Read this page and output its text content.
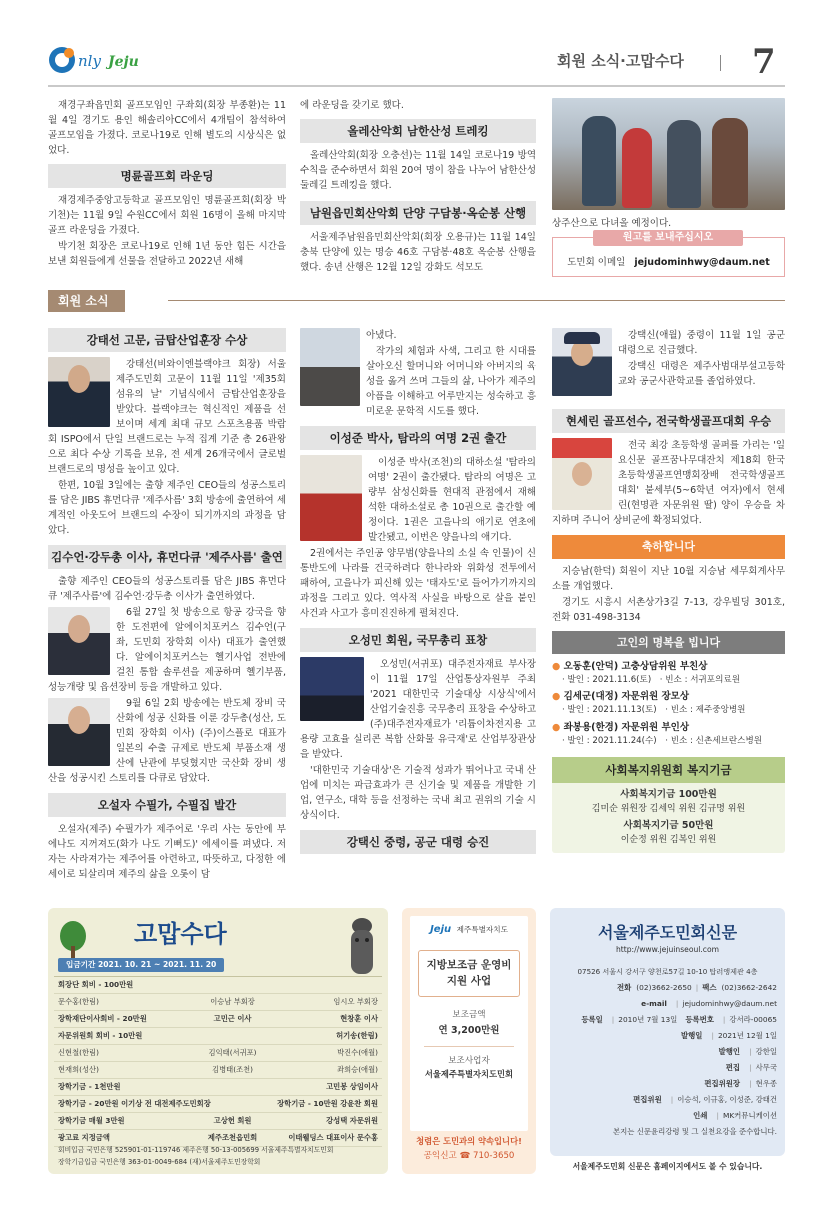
nly Jeju	회원 소식·고맙수다 7

재경구좌읍민회 골프모임인 구좌회(회장 부종환)는 11월 4일 경기도 용인 해솔리아CC에서 4개팀이 참석하여 골프모임을 가졌다. 코로나19로 인해 별도의 시상식은 없었다.

명륜골프회 라운딩

재경제주중앙고등학교 골프모임인 명륜골프회(회장 박기천)는 11월 9일 수원CC에서 회원 16명이 올해 마지막 골프 라운딩을 가졌다.

박기천 회장은 코로나19로 인해 1년 동안 힘든 시간을 보낸 회원들에게 선물을 전달하고 2022년 새해

에 라운딩을 갖기로 했다.

올레산악회 남한산성 트레킹

올레산악회(회장 오충선)는 11월 14일 코로나19 방역수칙을 준수하면서 회원 20여 명이 참을 나누어 남한산성 둘레길 트레킹을 했다.

남원읍민회산악회 단양 구담봉·옥순봉 산행

서울제주남원읍민회산악회(회장 오용규)는 11월 14일 충북 단양에 있는 명승 46호 구담봉·48호 옥순봉 산행을 했다. 송년 산행은 12월 12일 강화도 석모도

상주산으로 다녀올 예정이다.

원고를 보내주십시오
도민회 이메일 jejudominhwy@daum.net
회원 소식
강태선 고문, 금탑산업훈장 수상

강태선(비와이엔블랙야크 회장) 서울제주도민회 고문이 11월 11일 '제35회 섬유의 날' 기념식에서 금탑산업훈장을 받았다. 블랙야크는 혁신적인 제품을 선보이며 세계 최대 규모 스포츠용품 박람회 ISPO에서 단일 브랜드로는 누적 집계 기준 총 26관왕으로 최다 수상 기록을 보유, 전 세계 26개국에서 글로벌 브랜드로의 명성을 높이고 있다.

한편, 10월 3일에는 출향 제주인 CEO들의 성공스토리를 담은 JIBS 휴먼다큐 '제주사름' 3회 방송에 출연하여 세계적인 아웃도어 브랜드의 수장이 되기까지의 과정을 담았다.

김수언·강두총 이사, 휴먼다큐 '제주사름' 출연

출향 제주인 CEO들의 성공스토리를 담은 JIBS 휴먼다큐 '제주사름'에 김수언·강두총 이사가 출연하였다.

6월 27일 첫 방송으로 항공 강국을 향한 도전편에 알에이치포커스 김수언(구좌, 도민회 장학회 이사) 대표가 출연했다. 알에이치포커스는 헬기사업 전반에 걸친 통합 솔루션을 제공하며 헬기부품, 성능개량 및 읍션장비 등을 개발하고 있다.

9월 6일 2회 방송에는 반도체 장비 국산화에 성공 신화를 이룬 강두총(성산, 도민회 장학회 이사) (주)이스플로 대표가 일본의 수출 규제로 반도체 부품소재 생산에 난관에 부딪혔지만 국산화 장비 생산을 성공시킨 스토리를 다큐로 담았다.

오설자 수필가, 수필집 발간

오설자(제주) 수필가가 제주어로 '우리 사는 동안에 부에나도 지꺼져도(화가 나도 기뻐도)' 에세이를 펴냈다. 저자는 사라져가는 제주어를 아련하고, 따뜻하고, 다정한 에세이로 되살리며 제주의 삶을 오롯이 담

아냈다.

작가의 체험과 사색, 그리고 한 시대를 살아오신 할머니와 어머니와 아버지의 육성을 옮겨 쓰며 그들의 삶, 나아가 제주의 아픔을 이해하고 어루만지는 성숙하고 흥미로운 문학적 시도를 했다.

이성준 박사, 탐라의 여명 2권 출간

이성준 박사(조천)의 대하소설 '탐라의 여명' 2권이 출간됐다. 탐라의 여명은 고량부 삼성신화를 현대적 관점에서 재해석한 대하소설로 총 10권으로 출간할 예정이다. 1권은 고을나의 애기로 연초에 발간됐고, 이번은 양을나의 애기다.

2권에서는 주인공 양무범(양을나의 소실 속 인물)이 신통반도에 나라를 건국하려다 한나라와 위화성 전투에서 패하여, 고을나가 피신해 있는 '태자도'로 들어가기까지의 과정을 그리고 있다. 역사적 사실을 바탕으로 살을 붙인 사건과 사고가 흥미진진하게 펼쳐진다.

오성민 회원, 국무총리 표창

오성민(서귀포) 대주전자재료 부사장이 11월 17일 산업통상자원부 주최 '2021 대한민국 기술대상 시상식'에서 산업기술진흥 국무총리 표창을 수상하고 (주)대주전자재료가 '리튬이차전지용 고용량 고효율 실리콘 복합 산화물 유극재'로 산업부장관상을 받았다.

'대한민국 기술대상'은 기술적 성과가 뛰어나고 국내 산업에 미치는 파급효과가 큰 신기술 및 제품을 개발한 기업, 연구소, 대학 등을 선정하는 국내 최고 권위의 기술 시상식이다.

강택신 중령, 공군 대령 승진

강택신(애월) 중령이 11월 1일 공군 대령으로 진급했다.

강택신 대령은 제주사범대부설고등학교와 공군사관학교를 졸업하였다.

현세린 골프선수, 전국학생골프대회 우승

전국 최강 초등학생 골퍼를 가리는 '일요신문 골프꿈나무대잔치 제18회 한국초등학생골프연맹회장배 전국학생골프대회' 붙세부(5~6학년 여자)에서 현세린(현명관 자문위원 딸) 양이 우승을 차지하며 주니어 상비군에 확정되었다.

축하합니다

지승남(한덕) 회원이 지난 10월 지승남 세무회계사무소를 개업했다.

경기도 시흥시 서촌상가3길 7-13, 강우빌딩 301호, 전화 031-498-3134

고인의 명복을 빕니다
● 오동훈(안덕) 고충상담위원 부친상
· 발인 : 2021.11.6(토)　 · 빈소 : 서귀포의료원
● 김세군(대정) 자문위원 장모상
· 발인 : 2021.11.13(토)　 · 빈소 : 제주중앙병원
● 좌봉용(한경) 자문위원 부인상
· 발인 : 2021.11.24(수)　 · 빈소 : 신촌세브란스병원
사회복지위원회 복지기금
사회복지기금 100만원
김미순 위원장 김세익 위원 김규명 위원
사회복지기금 50만원
이순정 위원 김복인 위원
고맙수다
입금기간 2021. 10. 21 ~ 2021. 11. 20
회장단 회비 - 100만원
문수홍(한림)	이승남 부회장	임시오 부회장
장학재단이사회비 - 20만원	고민근 이사	현창훈 이사
자문위원회 회비 - 10만원	허기송(한림)
신현철(한림)	김익태(서귀포)	박진수(애월)
현재희(성산)	김병태(조천)	좌희승(애월)
장학기금 - 1천만원	고민봉 상임이사
장학기금 - 20만원 이기상 전 대전제주도민회장	장학기금 - 10만원 강윤찬 회원
장학기금 매월 3만원	고상헌 회원	강성택 자문위원
광고료 지정금액	제주조천읍민회	이태웰딩스 대표이사 문수홍
회비입금 국민은행 525901-01-119746 제주은행 50-13-005699 서울제주특별자치도민회
장학기금입금 국민은행 363-01-0049-684 (재)서울제주도민장학회
Jeju 제주특별자치도
지방보조금 운영비
지원 사업
보조금액
연 3,200만원
보조사업자
서울제주특별자치도민회
청렴은 도민과의 약속입니다!
공익신고 ☎ 710-3650
서울제주도민회신문
http://www.jejuinseoul.com
07526 서울시 강서구 양천로57길 10-10 탑러앵제관 4층
전화 (02)3662-2650 | 팩스 (02)3662-2642
e-mail | jejudominhwy@daum.net
등록일 | 2010년 7월 13일 등록번호 | 강서라-00065
발행일 | 2021년 12월 1일
발행인 | 강한일
편집 | 사무국
편집위원장 | 현우종
편집위원 | 이승석, 이규홍, 이성준, 강태건
인쇄 | MK커뮤니케이션
본지는 신문윤리강령 및 그 실천요강을 준수합니다.
서울제주도민회 신문은 홈페이지에서도 볼 수 있습니다.
